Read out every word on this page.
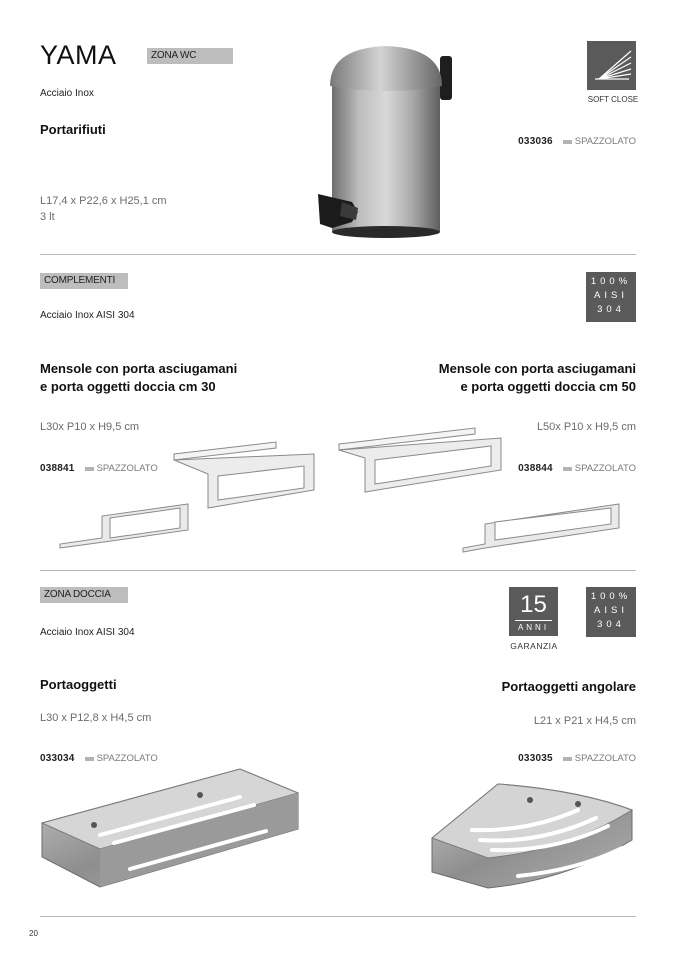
YAMA	ZONA WC
Acciaio Inox
Portarifiuti
L17,4 x P22,6 x H25,1 cm
3 lt
SOFT CLOSE
033036 SPAZZOLATO
COMPLEMENTI
Acciaio Inox AISI 304
100%
AISI
304
Mensole con porta asciugamani
e porta oggetti doccia cm 30
Mensole con porta asciugamani
e porta oggetti doccia cm 50
L30x P10 x H9,5 cm	L50x P10 x H9,5 cm
038841 SPAZZOLATO	038844 SPAZZOLATO
ZONA DOCCIA
Acciaio Inox AISI 304
15
ANNI
GARANZIA
100%
AISI
304
Portaoggetti	Portaoggetti angolare
L30 x P12,8 x H4,5 cm	L21 x P21 x H4,5 cm
033034 SPAZZOLATO	033035 SPAZZOLATO
20
